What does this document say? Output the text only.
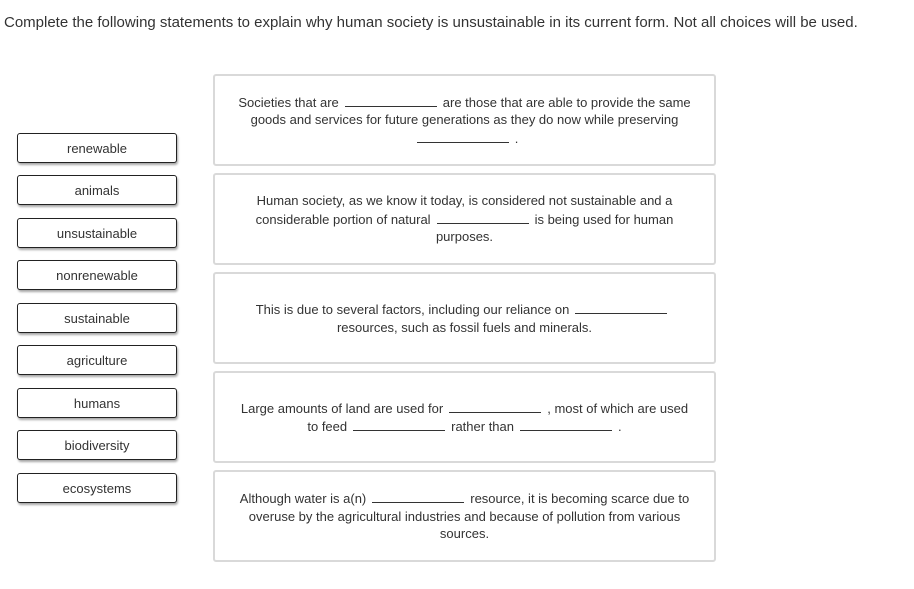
Complete the following statements to explain why human society is unsustainable in its current form. Not all choices will be used.
renewable
animals
unsustainable
nonrenewable
sustainable
agriculture
humans
biodiversity
ecosystems
Societies that are	are those that are able to provide the same goods and services for future generations as they do now while preserving.
Human society, as we know it today, is considered not sustainable and a considerable portion of natural	is being used for human purposes.
This is due to several factors, including our reliance onresources, such as fossil fuels and minerals.
Large amounts of land are used for	, most of which are used to feed	rather than	.
Although water is a(n)	resource, it is becoming scarce due to overuse by the agricultural industries and because of pollution from various sources.
